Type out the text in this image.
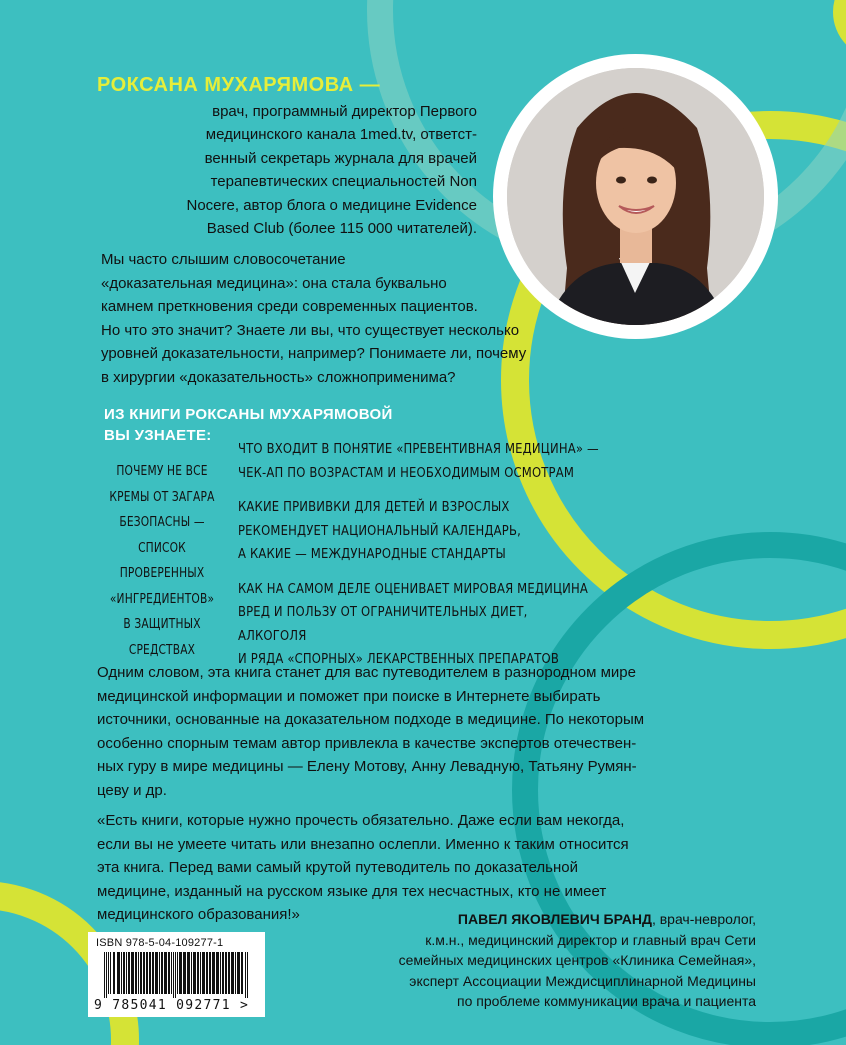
РОКСАНА МУХАРЯМОВА —

врач, программный директор Первого
медицинского канала 1med.tv, ответст-
венный секретарь журнала для врачей
терапевтических специальностей Non
Nocere, автор блога о медицине Evidence
Based Club (более 115 000 читателей).
Мы часто слышим словосочетание
«доказательная медицина»: она стала буквально
камнем преткновения среди современных пациентов.
Но что это значит? Знаете ли вы, что существует несколько
уровней доказательности, например? Понимаете ли, почему
в хирургии «доказательность» сложноприменима?
ИЗ КНИГИ РОКСАНЫ МУХАРЯМОВОЙ
ВЫ УЗНАЕТЕ:
ПОЧЕМУ НЕ ВСЕ
КРЕМЫ ОТ ЗАГАРА
БЕЗОПАСНЫ —
СПИСОК
ПРОВЕРЕННЫХ
«ИНГРЕДИЕНТОВ»
В ЗАЩИТНЫХ
СРЕДСТВАХ
ЧТО ВХОДИТ В ПОНЯТИЕ «ПРЕВЕНТИВНАЯ МЕДИЦИНА» —
ЧЕК-АП ПО ВОЗРАСТАМ И НЕОБХОДИМЫМ ОСМОТРАМ
КАКИЕ ПРИВИВКИ ДЛЯ ДЕТЕЙ И ВЗРОСЛЫХ
РЕКОМЕНДУЕТ НАЦИОНАЛЬНЫЙ КАЛЕНДАРЬ,
А КАКИЕ — МЕЖДУНАРОДНЫЕ СТАНДАРТЫ
КАК НА САМОМ ДЕЛЕ ОЦЕНИВАЕТ МИРОВАЯ МЕДИЦИНА
ВРЕД И ПОЛЬЗУ ОТ ОГРАНИЧИТЕЛЬНЫХ ДИЕТ, АЛКОГОЛЯ
И РЯДА «СПОРНЫХ» ЛЕКАРСТВЕННЫХ ПРЕПАРАТОВ
Одним словом, эта книга станет для вас путеводителем в разнородном мире
медицинской информации и поможет при поиске в Интернете выбирать
источники, основанные на доказательном подходе в медицине. По некоторым
особенно спорным темам автор привлекла в качестве экспертов отечествен-
ных гуру в мире медицины — Елену Мотову, Анну Левадную, Татьяну Румян-
цеву и др.
«Есть книги, которые нужно прочесть обязательно. Даже если вам некогда,
если вы не умеете читать или внезапно ослепли. Именно к таким относится
эта книга. Перед вами самый крутой путеводитель по доказательной
медицине, изданный на русском языке для тех несчастных, кто не имеет
медицинского образования!»	ПАВЕЛ ЯКОВЛЕВИЧ БРАНД, врач-невролог,
к.м.н., медицинский директор и главный врач Сети
семейных медицинских центров «Клиника Семейная»,
эксперт Ассоциации Междисциплинарной Медицины
по проблеме коммуникации врача и пациента
ISBN 978-5-04-109277-1
9 785041 092771 >
